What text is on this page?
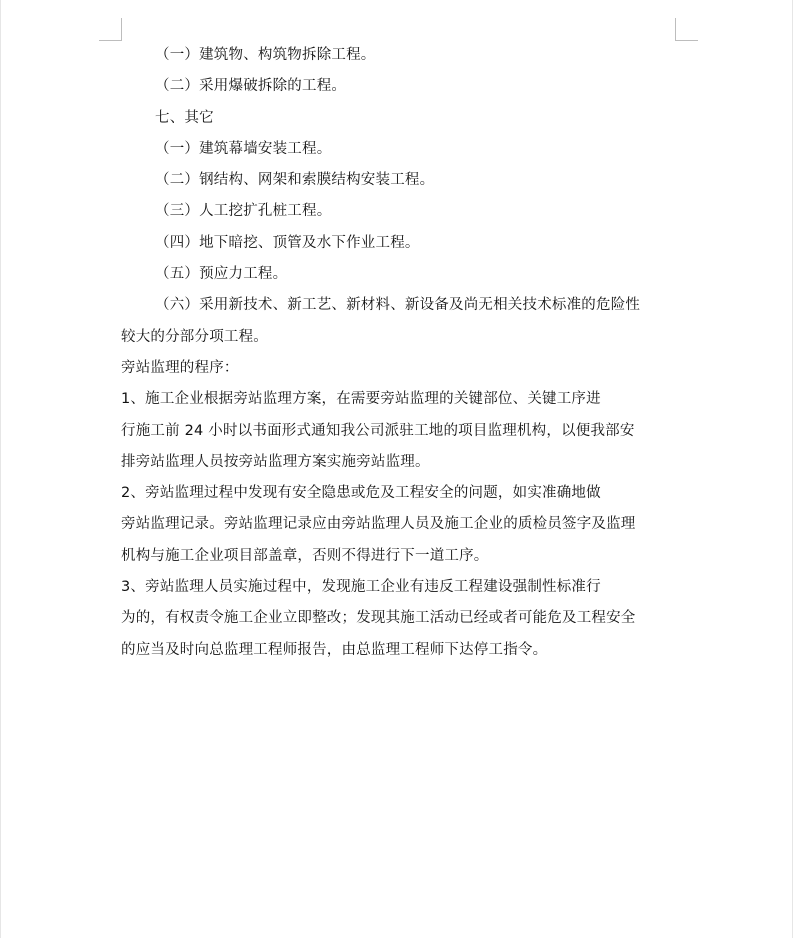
（一）建筑物、构筑物拆除工程。
（二）采用爆破拆除的工程。
七、其它
（一）建筑幕墙安装工程。
（二）钢结构、网架和索膜结构安装工程。
（三）人工挖扩孔桩工程。
（四）地下暗挖、顶管及水下作业工程。
（五）预应力工程。
（六）采用新技术、新工艺、新材料、新设备及尚无相关技术标准的危险性
较大的分部分项工程。
旁站监理的程序：
1、施工企业根据旁站监理方案，在需要旁站监理的关键部位、关键工序进
行施工前 24 小时以书面形式通知我公司派驻工地的项目监理机构，以便我部安
排旁站监理人员按旁站监理方案实施旁站监理。
2、旁站监理过程中发现有安全隐患或危及工程安全的问题，如实准确地做
旁站监理记录。旁站监理记录应由旁站监理人员及施工企业的质检员签字及监理
机构与施工企业项目部盖章，否则不得进行下一道工序。
3、旁站监理人员实施过程中，发现施工企业有违反工程建设强制性标准行
为的，有权责令施工企业立即整改；发现其施工活动已经或者可能危及工程安全
的应当及时向总监理工程师报告，由总监理工程师下达停工指令。
